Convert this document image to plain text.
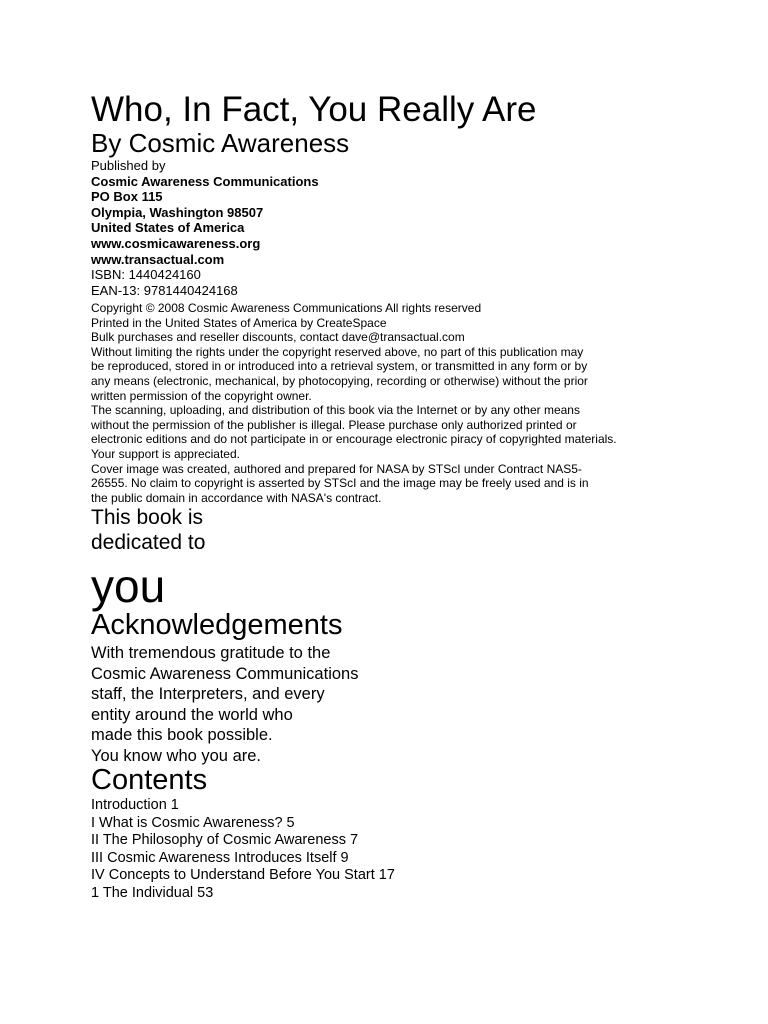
Who, In Fact, You Really Are
By Cosmic Awareness
Published by
Cosmic Awareness Communications
PO Box 115
Olympia, Washington 98507
United States of America
www.cosmicawareness.org
www.transactual.com
ISBN: 1440424160
EAN-13: 9781440424168
Copyright © 2008 Cosmic Awareness Communications All rights reserved
Printed in the United States of America by CreateSpace
Bulk purchases and reseller discounts, contact dave@transactual.com
Without limiting the rights under the copyright reserved above, no part of this publication may
be reproduced, stored in or introduced into a retrieval system, or transmitted in any form or by
any means (electronic, mechanical, by photocopying, recording or otherwise) without the prior
written permission of the copyright owner.
The scanning, uploading, and distribution of this book via the Internet or by any other means
without the permission of the publisher is illegal. Please purchase only authorized printed or
electronic editions and do not participate in or encourage electronic piracy of copyrighted materials.
Your support is appreciated.
Cover image was created, authored and prepared for NASA by STScI under Contract NAS5-
26555. No claim to copyright is asserted by STScI and the image may be freely used and is in
the public domain in accordance with NASA's contract.
This book is
dedicated to
you
Acknowledgements
With tremendous gratitude to the
Cosmic Awareness Communications
staff, the Interpreters, and every
entity around the world who
made this book possible.
You know who you are.
Contents
Introduction 1
I What is Cosmic Awareness? 5
II The Philosophy of Cosmic Awareness 7
III Cosmic Awareness Introduces Itself 9
IV Concepts to Understand Before You Start 17
1 The Individual 53
